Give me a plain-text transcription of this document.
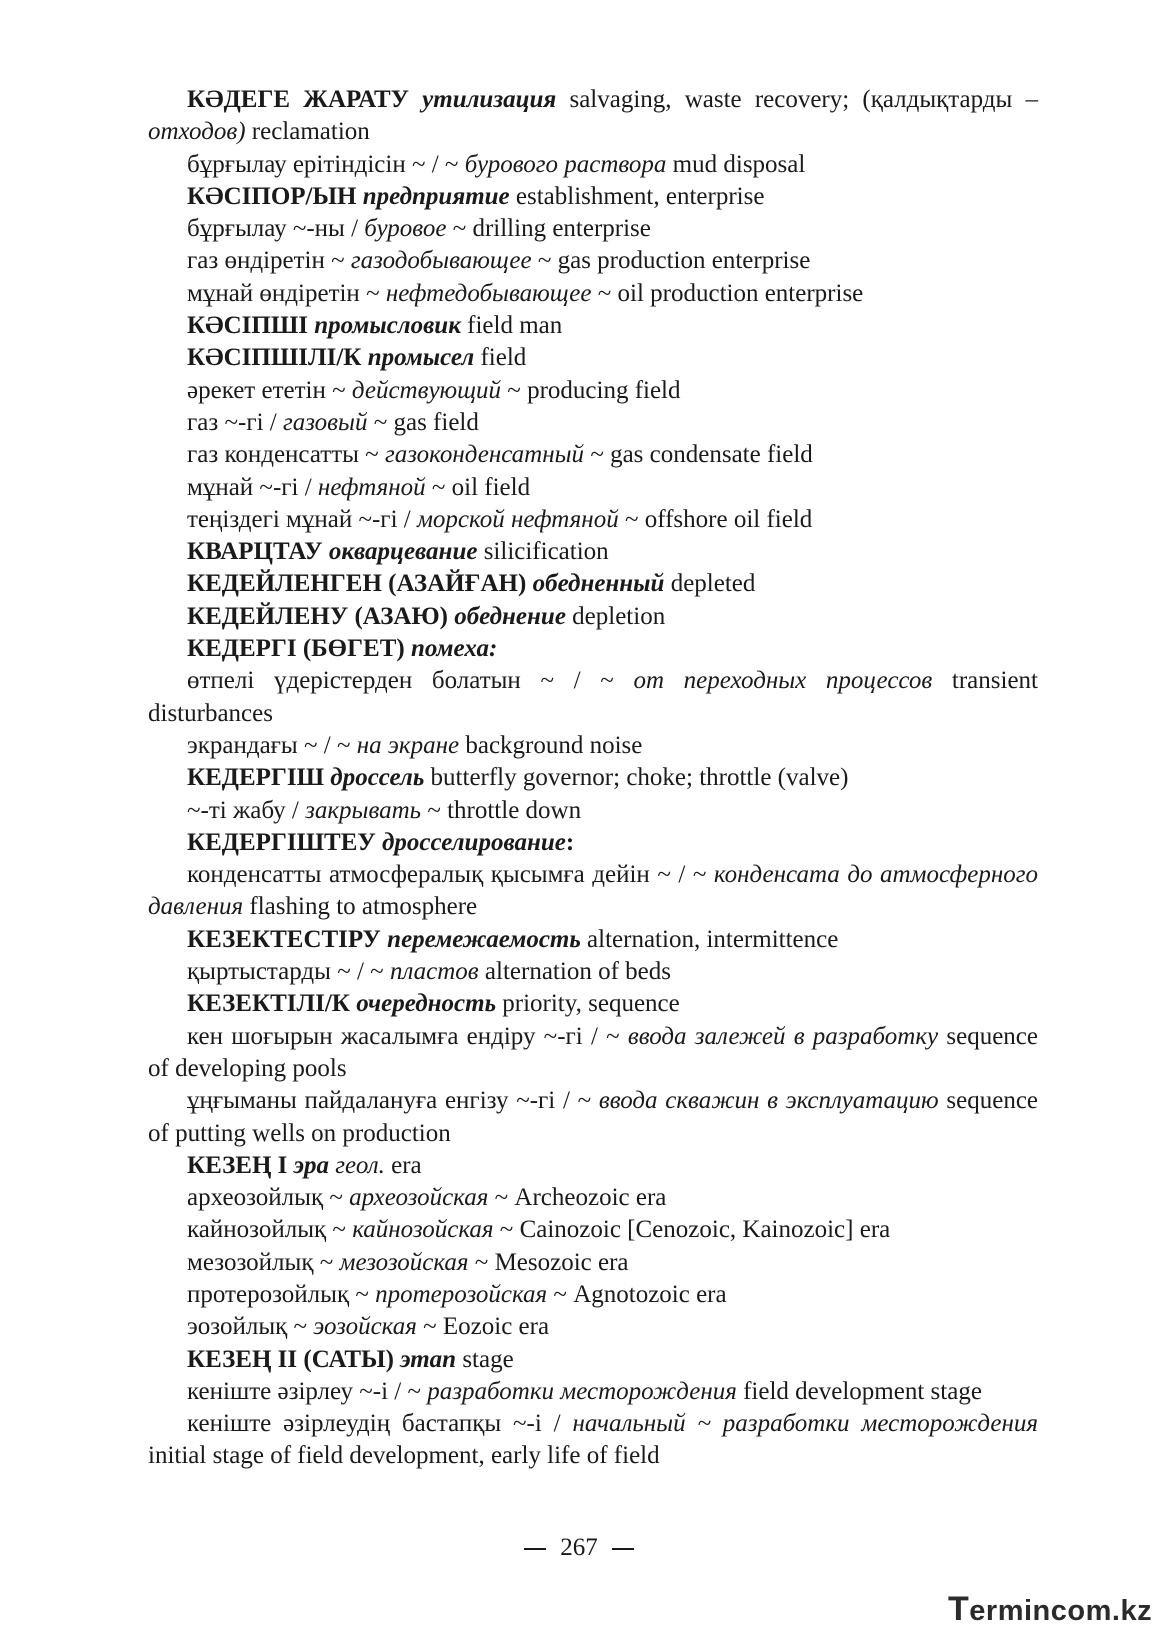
КӘДЕГЕ ЖАРАТУ утилизация salvaging, waste recovery; (қалдықтарды – отходов) reclamation

бұрғылау ерітіндісін ~ / ~ бурового раствора mud disposal

КӘСІПОР/ЫН предприятие establishment, enterprise

бұрғылау ~-ны / буровое ~ drilling enterprise

газ өндіретін ~ газодобывающее ~ gas production enterprise

мұнай өндіретін ~ нефтедобывающее ~ oil production enterprise

КӘСІПШІ промысловик field man

КӘСІПШІЛІ/К промысел field

әрекет ететін ~ действующий ~ producing field

газ ~-гі / газовый ~ gas field

газ конденсатты ~ газоконденсатный ~ gas condensate field

мұнай ~-гі / нефтяной ~ oil field

теңіздегі мұнай ~-гі / морской нефтяной ~ offshore oil field

КВАРЦТАУ окварцевание silicification

КЕДЕЙЛЕНГЕН (АЗАЙҒАН) обедненный depleted

КЕДЕЙЛЕНУ (АЗАЮ) обеднение depletion

КЕДЕРГІ (БӨГЕТ) помеха:

өтпелі үдерістерден болатын ~ / ~ от переходных процессов transient disturbances

экрандағы ~ / ~ на экране background noise

КЕДЕРГІШ дроссель butterfly governor; choke; throttle (valve)

~-ті жабу / закрывать ~ throttle down

КЕДЕРГІШТЕУ дросселирование:

конденсатты атмосфералық қысымға дейін ~ / ~ конденсата до атмосферного давления flashing to atmosphere

КЕЗЕКТЕСТІРУ перемежаемость alternation, intermittence

қыртыстарды ~ / ~ пластов alternation of beds

КЕЗЕКТІЛІ/К очередность priority, sequence

кен шоғырын жасалымға ендіру ~-гі / ~ ввода залежей в разработку sequence of developing pools

ұңғыманы пайдалануға енгізу ~-гі / ~ ввода скважин в эксплуатацию sequence of putting wells on production

КЕЗЕҢ I эра геол. era

археозойлық ~ археозойская ~ Archeozoic era

кайнозойлық ~ кайнозойская ~ Cainozoic [Cenozoic, Kainozoic] era

мезозойлық ~ мезозойская ~ Mesozoic era

протерозойлық ~ протерозойская ~ Agnotozoic era

эозойлық ~ эозойская ~ Eozoic era

КЕЗЕҢ II (САТЫ) этап stage

кеніште әзірлеу ~-і / ~ разработки месторождения field development stage

кеніште әзірлеудің бастапқы ~-і / начальный ~ разработки месторождения initial stage of field development, early life of field

267
Termincom.kz
